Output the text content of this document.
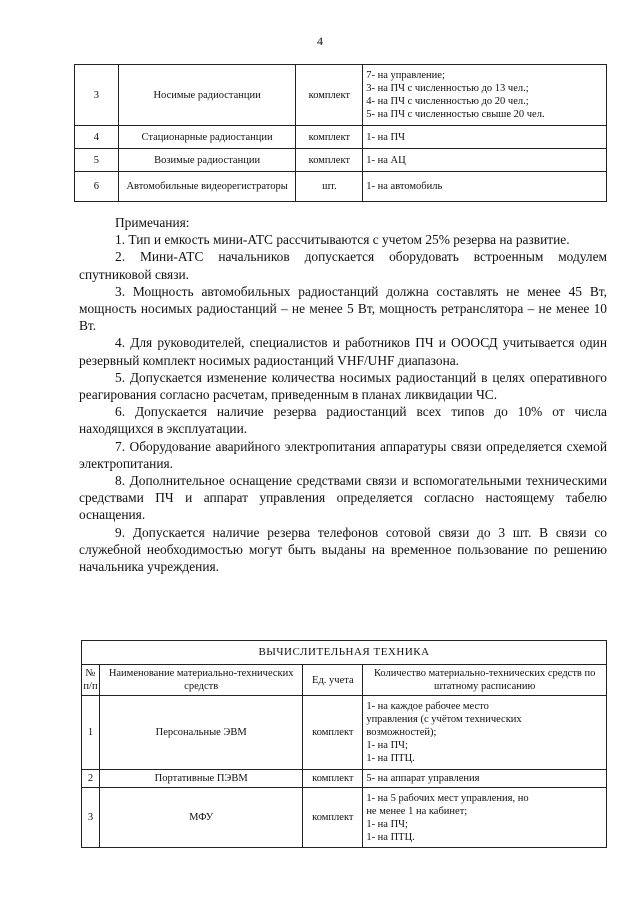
4
3	Носимые радиостанции	комплект	7- на управление;
3- на ПЧ с численностью до 13 чел.;
4- на ПЧ с численностью до 20 чел.;
5- на ПЧ с численностью свыше 20 чел.

4	Стационарные радиостанции	комплект	1- на ПЧ

5	Возимые радиостанции	комплект	1- на АЦ

6	Автомобильные видеорегистраторы	шт.	1- на автомобиль

Примечания:

1. Тип и емкость мини-АТС рассчитываются с учетом 25% резерва на развитие.

2. Мини-АТС начальников допускается оборудовать встроенным модулем спутниковой связи.

3. Мощность автомобильных радиостанций должна составлять не менее 45 Вт, мощность носимых радиостанций – не менее 5 Вт, мощность ретранслятора – не менее 10 Вт.

4. Для руководителей, специалистов и работников ПЧ и ОООСД учитывается один резервный комплект носимых радиостанций VHF/UHF диапазона.

5. Допускается изменение количества носимых радиостанций в целях оперативного реагирования согласно расчетам, приведенным в планах ликвидации ЧС.

6. Допускается наличие резерва радиостанций всех типов до 10% от числа находящихся в эксплуатации.

7. Оборудование аварийного электропитания аппаратуры связи определяется схемой электропитания.

8. Дополнительное оснащение средствами связи и вспомогательными техническими средствами ПЧ и аппарат управления определяется согласно настоящему табелю оснащения.

9. Допускается наличие резерва телефонов сотовой связи до 3 шт. В связи со служебной необходимостью могут быть выданы на временное пользование по решению начальника учреждения.

ВЫЧИСЛИТЕЛЬНАЯ ТЕХНИКА			
№ п/п	Наименование материально-технических средств	Ед. учета	Количество материально-технических средств по штатному расписанию
1	Персональные ЭВМ	комплект	1- на каждое рабочее место
управления (с учётом технических
возможностей);
1- на ПЧ;
1- на ПТЦ.

2	Портативные ПЭВМ	комплект	5- на аппарат управления

3	МФУ	комплект	1- на 5 рабочих мест управления, но
не менее 1 на кабинет;
1- на ПЧ;
1- на ПТЦ.
